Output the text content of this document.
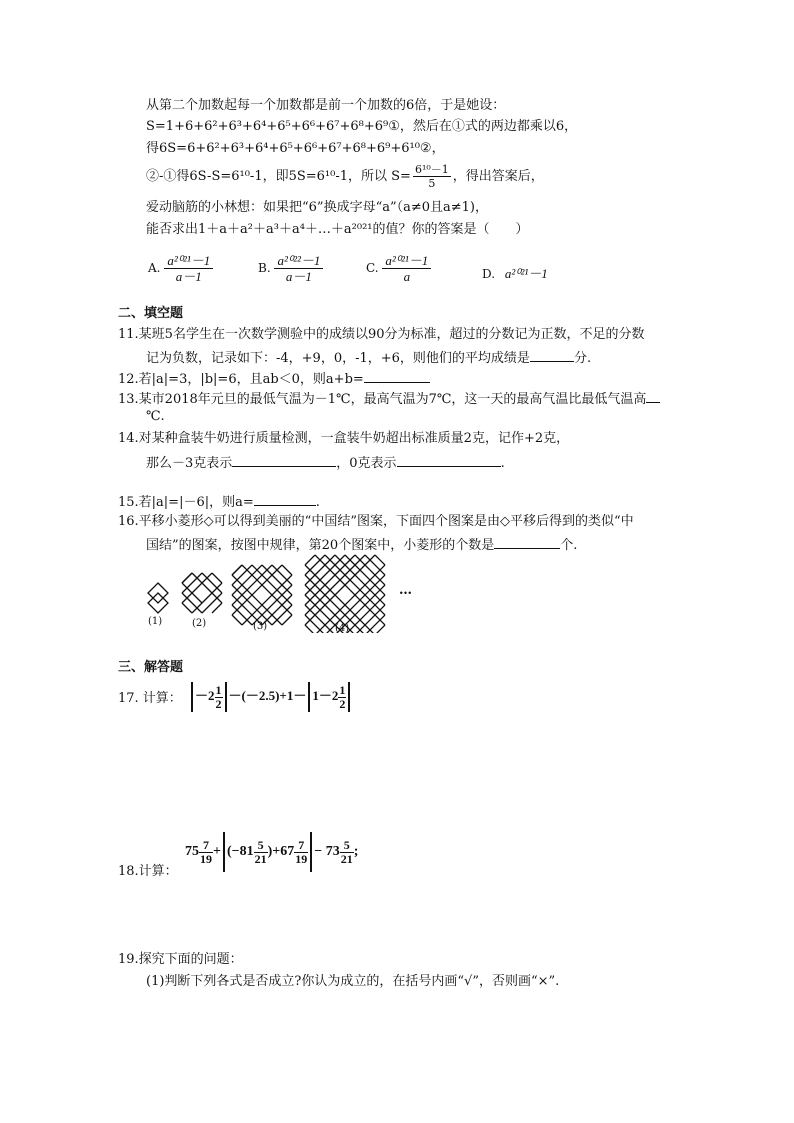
从第二个加数起每一个加数都是前一个加数的6倍，于是她设：
S=1+6+6²+6³+6⁴+6⁵+6⁶+6⁷+6⁸+6⁹①，然后在①式的两边都乘以6，
得6S=6+6²+6³+6⁴+6⁵+6⁶+6⁷+6⁸+6⁹+6¹⁰②，
②-①得6S-S=6¹⁰-1，即5S=6¹⁰-1，所以 $S= \frac{\text{6¹⁰－1}}{5}$ ，得出答案后，
爱动脑筋的小林想：如果把“6”换成字母“a”（a≠0且a≠1)，
能否求出1＋a＋a²＋a³＋a⁴＋…＋a²⁰²¹的值？你的答案是（　　）
A. $\frac{\text{a²⁰²¹－1}}{a-1}$	B. $\frac{\text{a²⁰²²－1}}{a-1}$	C. $\frac{\text{a²⁰²¹－1}}{a}$	D. a²⁰²¹－1
二、填空题
11.某班5名学生在一次数学测验中的成绩以90分为标准，超过的分数记为正数，不足的分数
记为负数，记录如下：-4，+9，0，-1，+6，则他们的平均成绩是	分.
12.若|a|=3，|b|=6，且ab＜0，则a+b=
13.某市2018年元旦的最低气温为－1℃，最高气温为7℃，这一天的最高气温比最低气温高
℃.
14.对某种盒装牛奶进行质量检测，一盒装牛奶超出标准质量2克，记作+2克，
那么－3克表示	，0克表示	.
15.若|a|=|－6|，则a=	.
16.平移小菱形◇可以得到美丽的“中国结”图案，下面四个图案是由◇平移后得到的类似“中
国结”的图案，按图中规律，第20个图案中，小菱形的个数是	个.
…
(1)	(2)	(3)	(4)
三、解答题
17. 计算：	$-2 \frac{1}{2} -(-2.5)+1- 1-2 \frac{1}{2}$
18.计算：
$75 \frac{7}{19} + (-81 \frac{5}{21} )+67 \frac{7}{19} - 73 \frac{5}{21}$ ;
19.探究下面的问题：
(1)判断下列各式是否成立?你认为成立的，在括号内画“√”，否则画“×”.
